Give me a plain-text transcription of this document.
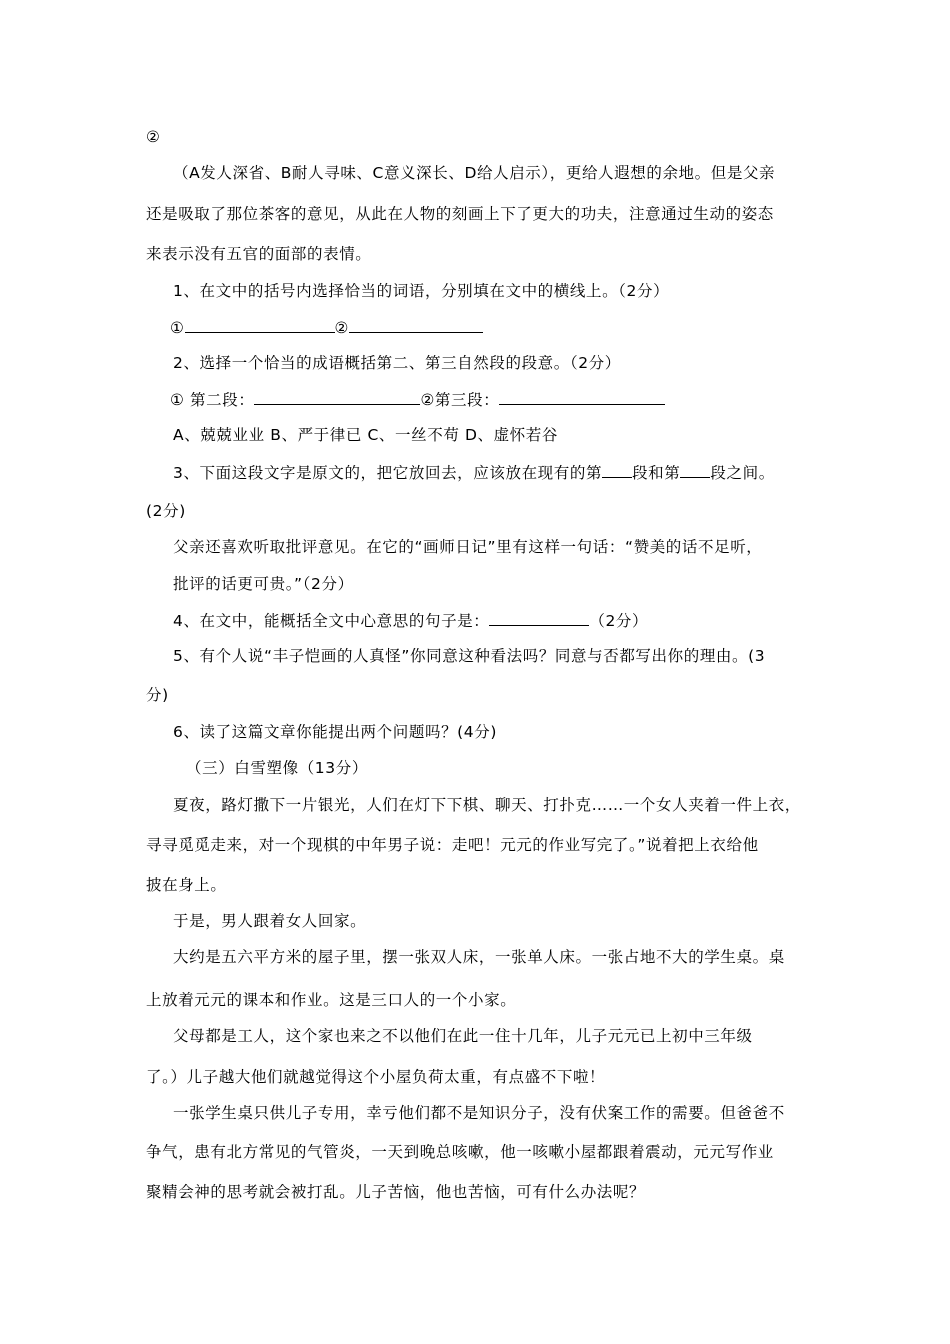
②
（A发人深省、B耐人寻味、C意义深长、D给人启示），更给人遐想的余地。但是父亲
还是吸取了那位茶客的意见，从此在人物的刻画上下了更大的功夫，注意通过生动的姿态
来表示没有五官的面部的表情。
1、在文中的括号内选择恰当的词语，分别填在文中的横线上。（2分）
①	②
2、选择一个恰当的成语概括第二、第三自然段的段意。（2分）
① 第二段：	②第三段：
A、兢兢业业 B、严于律已 C、一丝不苟 D、虚怀若谷
3、下面这段文字是原文的，把它放回去，应该放在现有的第 段和第 段之间。
(2分)
父亲还喜欢听取批评意见。在它的“画师日记”里有这样一句话：“赞美的话不足听，
批评的话更可贵。”（2分）
4、在文中，能概括全文中心意思的句子是：	（2分）
5、有个人说“丰子恺画的人真怪”你同意这种看法吗？同意与否都写出你的理由。(3
分)
6、读了这篇文章你能提出两个问题吗？(4分)
（三）白雪塑像（13分）
夏夜，路灯撒下一片银光，人们在灯下下棋、聊天、打扑克……一个女人夹着一件上衣，
寻寻觅觅走来，对一个现棋的中年男子说：走吧！元元的作业写完了。”说着把上衣给他
披在身上。
于是，男人跟着女人回家。
大约是五六平方米的屋子里，摆一张双人床，一张单人床。一张占地不大的学生桌。桌
上放着元元的课本和作业。这是三口人的一个小家。
父母都是工人，这个家也来之不以他们在此一住十几年，儿子元元已上初中三年级
了。）儿子越大他们就越觉得这个小屋负荷太重，有点盛不下啦！
一张学生桌只供儿子专用，幸亏他们都不是知识分子，没有伏案工作的需要。但爸爸不
争气，患有北方常见的气管炎，一天到晚总咳嗽，他一咳嗽小屋都跟着震动，元元写作业
聚精会神的思考就会被打乱。儿子苦恼，他也苦恼，可有什么办法呢？
